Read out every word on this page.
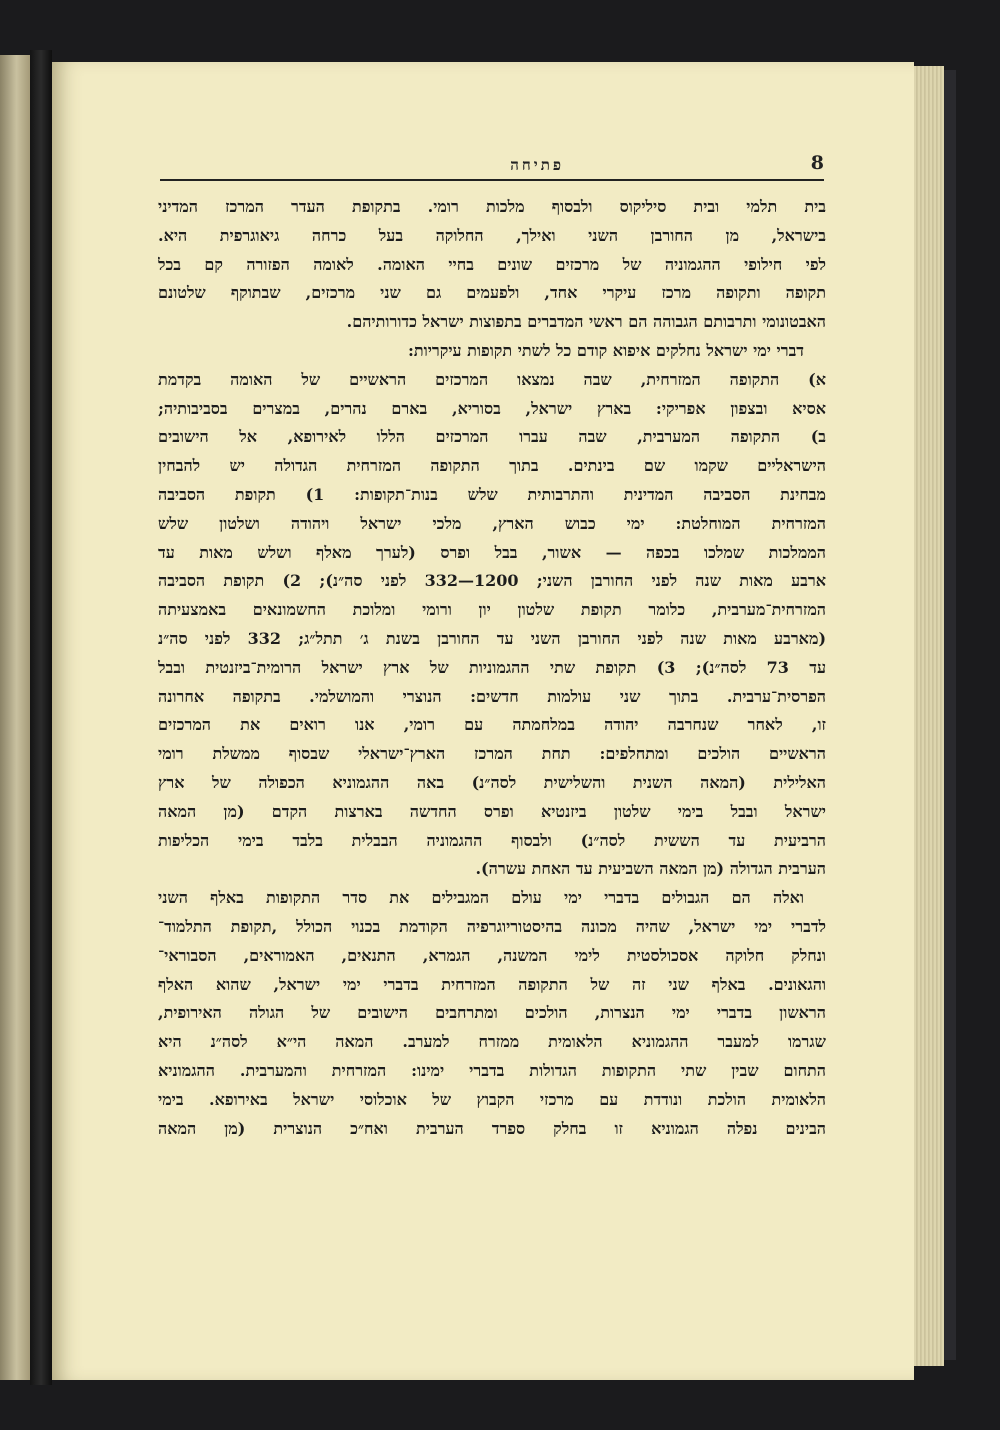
פתיחה	8
בית תלמי ובית סיליקוס ולבסוף מלכות רומי. בתקופת העדר המרכז המדיני
בישראל, מן החורבן השני ואילך, החלוקה בעל כרחה גיאוגרפית היא.
לפי חילופי ההגמוניה של מרכזים שונים בחיי האומה. לאומה הפזורה קם בכל
תקופה ותקופה מרכז עיקרי אחד, ולפעמים גם שני מרכזים, שבתוקף שלטונם
האבטונומי ותרבותם הגבוהה הם ראשי המדברים בתפוצות ישראל כדורותיהם.
דברי ימי ישראל נחלקים איפוא קודם כל לשתי תקופות עיקריות:
א) התקופה המזרחית, שבה נמצאו המרכזים הראשיים של האומה בקדמת
אסיא ובצפון אפריקי: בארץ ישראל, בסוריא, בארם נהרים, במצרים בסביבותיה;
ב) התקופה המערבית, שבה עברו המרכזים הללו לאירופא, אל הישובים
הישראליים שקמו שם בינתים. בתוך התקופה המזרחית הגדולה יש להבחין
מבחינת הסביבה המדינית והתרבותית שלש בנות־תקופות: 1) תקופת הסביבה
המזרחית המוחלטת: ימי כבוש הארץ, מלכי ישראל ויהודה ושלטון שלש
הממלכות שמלכו בכפה — אשור, בבל ופרס (לערך מאלף ושלש מאות עד
ארבע מאות שנה לפני החורבן השני; 1200—332 לפני סה״נ); 2) תקופת הסביבה
המזרחית־מערבית, כלומר תקופת שלטון יון ורומי ומלוכת החשמונאים באמצעיתה
(מארבע מאות שנה לפני החורבן השני עד החורבן בשנת ג׳ תתל״ג; 332 לפני סה״נ
עד 73 לסה״נ); 3) תקופת שתי ההגמוניות של ארץ ישראל הרומית־ביזנטית ובבל
הפרסית־ערבית. בתוך שני עולמות חדשים: הנוצרי והמושלמי. בתקופה אחרונה
זו, לאחר שנחרבה יהודה במלחמתה עם רומי, אנו רואים את המרכזים
הראשיים הולכים ומתחלפים: תחת המרכז הארץ־ישראלי שבסוף ממשלת רומי
האלילית (המאה השנית והשלישית לסה״נ) באה ההגמוניא הכפולה של ארץ
ישראל ובבל בימי שלטון ביזנטיא ופרס החדשה בארצות הקדם (מן המאה
הרביעית עד הששית לסה״נ) ולבסוף ההגמוניה הבבלית בלבד בימי הכליפות
הערבית הגדולה (מן המאה השביעית עד האחת עשרה).
ואלה הם הגבולים בדברי ימי עולם המגבילים את סדר התקופות באלף השני
לדברי ימי ישראל, שהיה מכונה בהיסטוריוגרפיה הקודמת בכנוי הכולל ,תקופת התלמוד־
ונחלק חלוקה אסכולסטית לימי המשנה, הגמרא, התנאים, האמוראים, הסבוראי־
והגאונים. באלף שני זה של התקופה המזרחית בדברי ימי ישראל, שהוא האלף
הראשון בדברי ימי הנצרות, הולכים ומתרחבים הישובים של הגולה האירופית,
שגרמו למעבר ההגמוניא הלאומית ממזרח למערב. המאה הי״א לסה״נ היא
התחום שבין שתי התקופות הגדולות בדברי ימינו: המזרחית והמערבית. ההגמוניא
הלאומית הולכת ונודדת עם מרכזי הקבוץ של אוכלוסי ישראל באירופא. בימי
הבינים נפלה הגמוניא זו בחלק ספרד הערבית ואח״כ הנוצרית (מן המאה
